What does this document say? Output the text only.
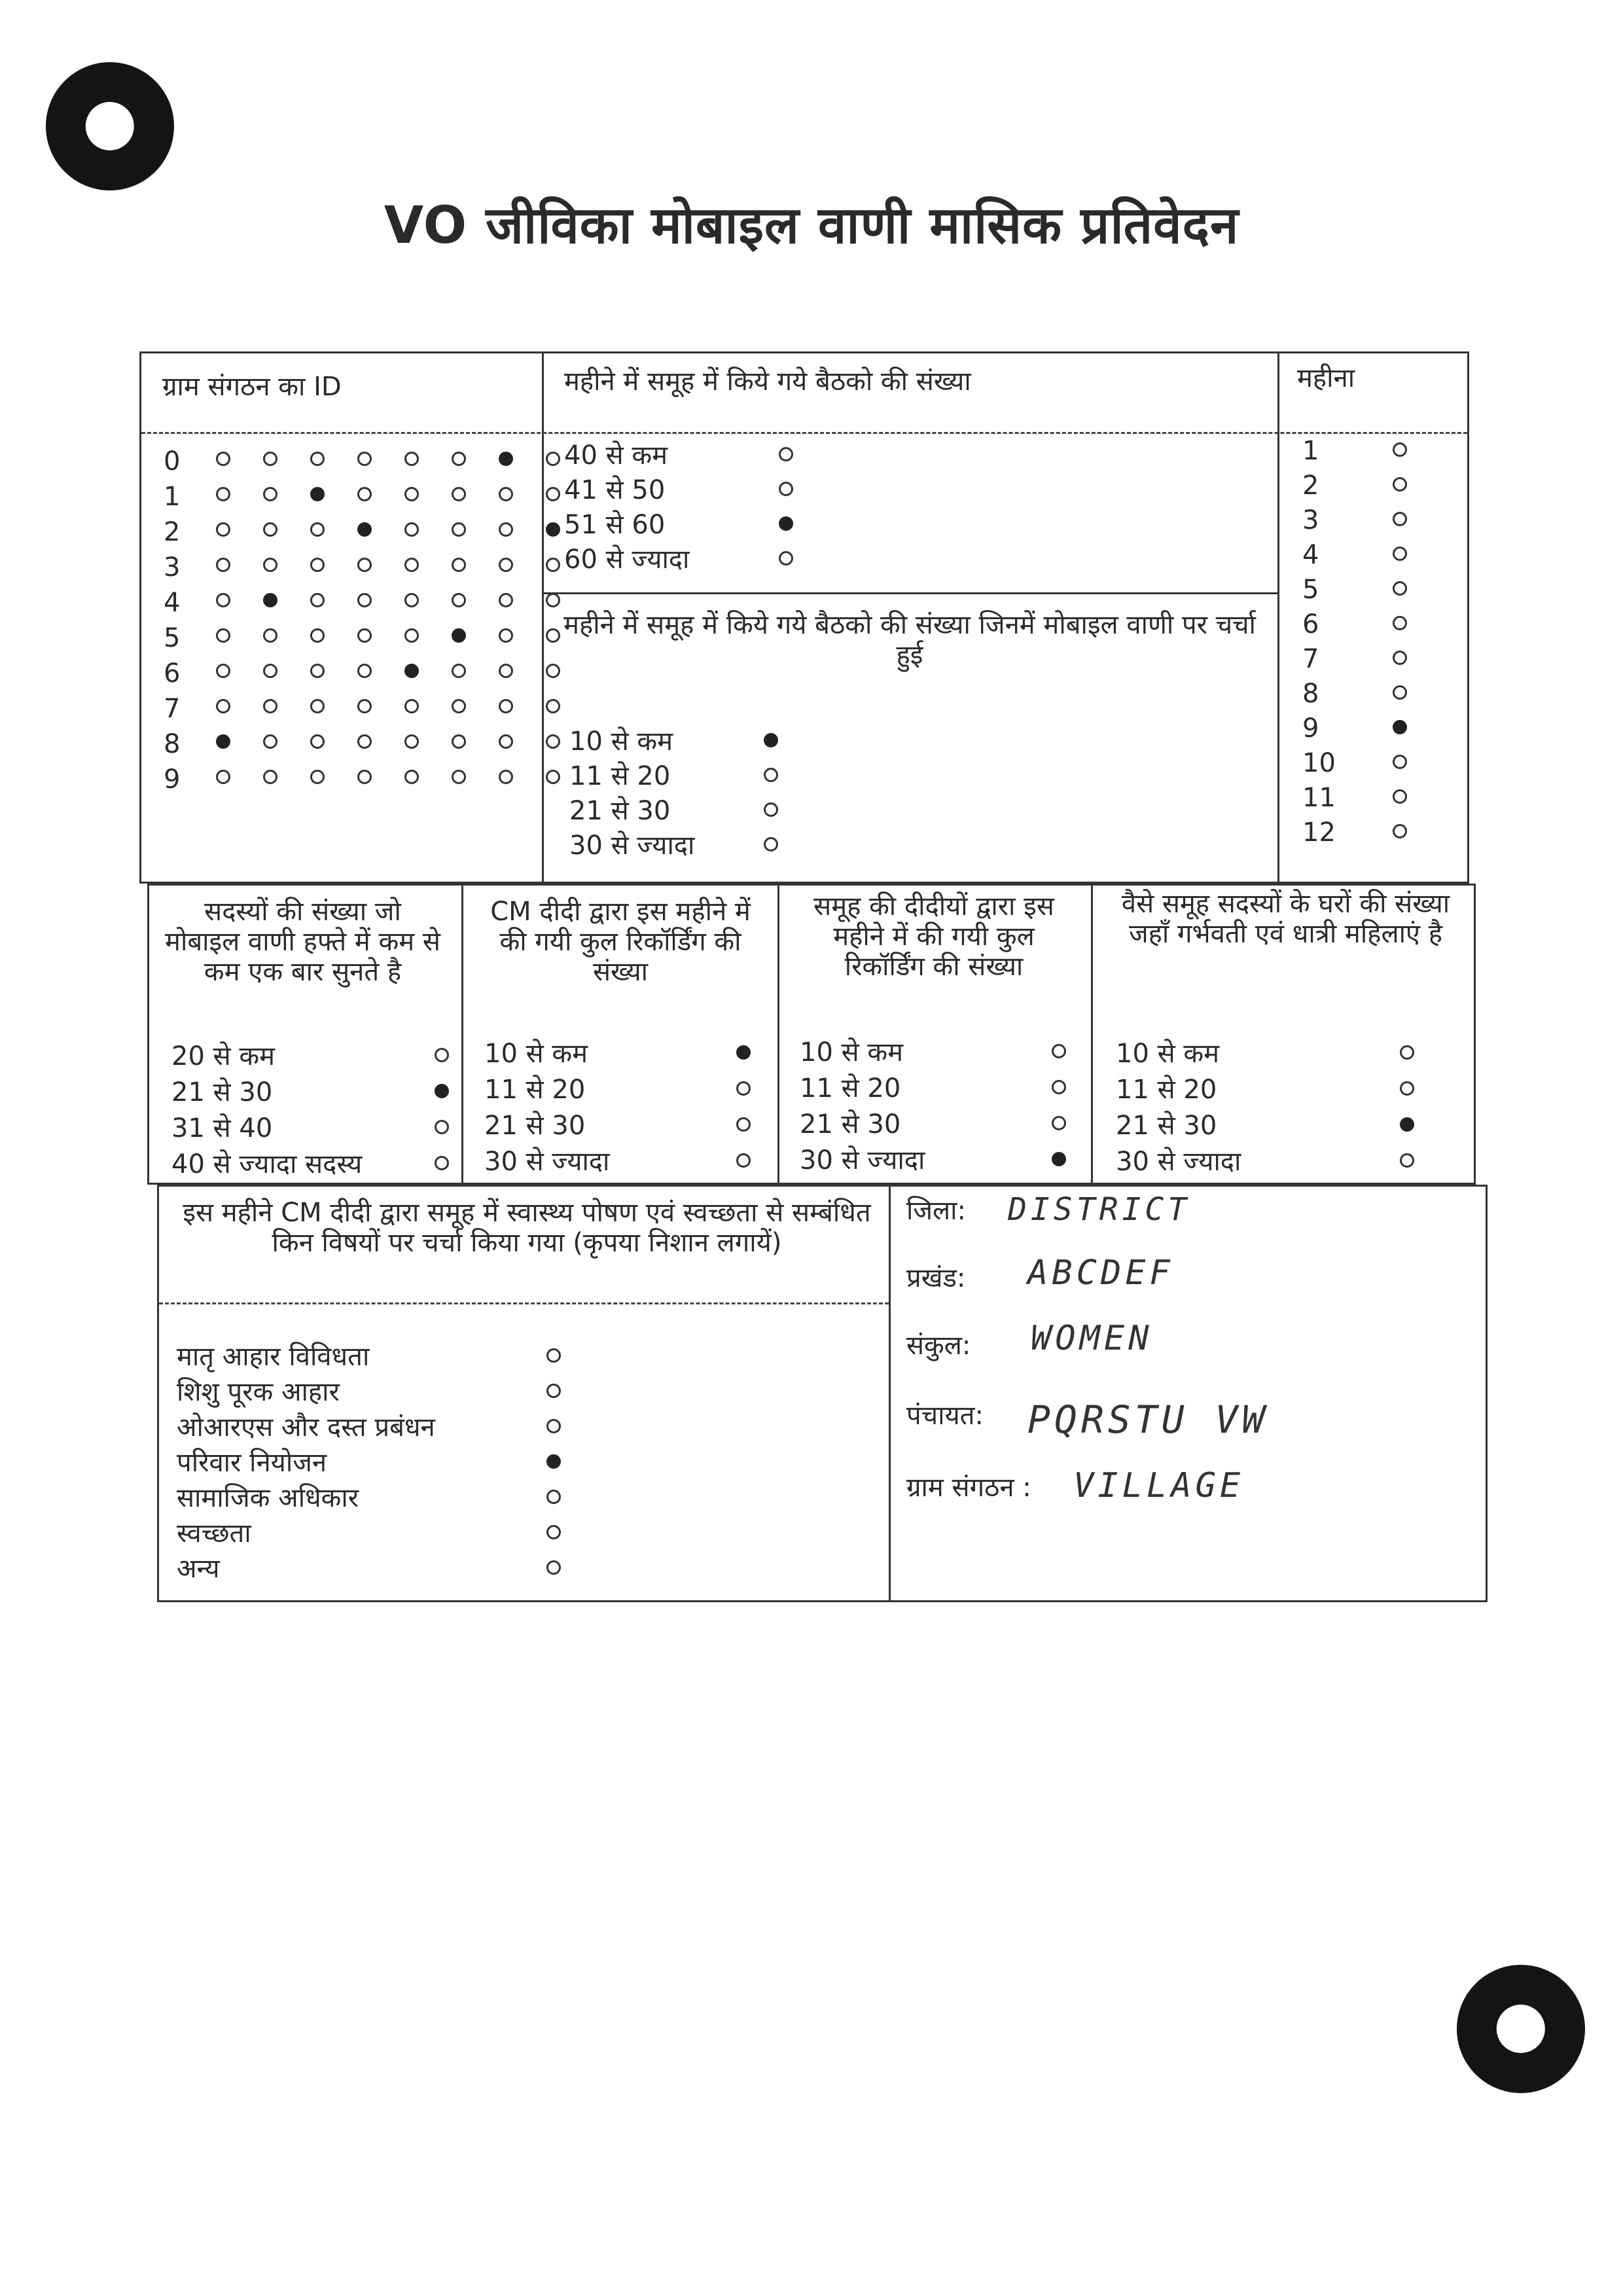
VO जीविका मोबाइल वाणी मासिक प्रतिवेदन
ग्राम संगठन का ID
0
1
2
3
4
5
6
7
8
9
महीने में समूह में किये गये बैठको की संख्या
40 से कम
41 से 50
51 से 60
60 से ज्यादा
महीने में समूह में किये गये बैठको की संख्या जिनमें मोबाइल वाणी पर चर्चा हुई
10 से कम
11 से 20
21 से 30
30 से ज्यादा
महीना
1
2
3
4
5
6
7
8
9
10
11
12
सदस्यों की संख्या जो मोबाइल वाणी हफ्ते में कम से कम एक बार सुनते है
CM दीदी द्वारा इस महीने में की गयी कुल रिकॉर्डिंग की संख्या
समूह की दीदीयों द्वारा इस महीने में की गयी कुल रिकॉर्डिंग की संख्या
वैसे समूह सदस्यों के घरों की संख्या जहाँ गर्भवती एवं धात्री महिलाएं है
20 से कम
21 से 30
31 से 40
40 से ज्यादा सदस्य
10 से कम
11 से 20
21 से 30
30 से ज्यादा
10 से कम
11 से 20
21 से 30
30 से ज्यादा
10 से कम
11 से 20
21 से 30
30 से ज्यादा
इस महीने CM दीदी द्वारा समूह में स्वास्थ्य पोषण एवं स्वच्छता से सम्बंधित किन विषयों पर चर्चा किया गया (कृपया निशान लगायें)
मातृ आहार विविधता
शिशु पूरक आहार
ओआरएस और दस्त प्रबंधन
परिवार नियोजन
सामाजिक अधिकार
स्वच्छता
अन्य
जिला: DISTRICT
प्रखंड: ABCDEF
संकुल: WOMEN
पंचायत: PQRSTU VW
ग्राम संगठन : VILLAGE
